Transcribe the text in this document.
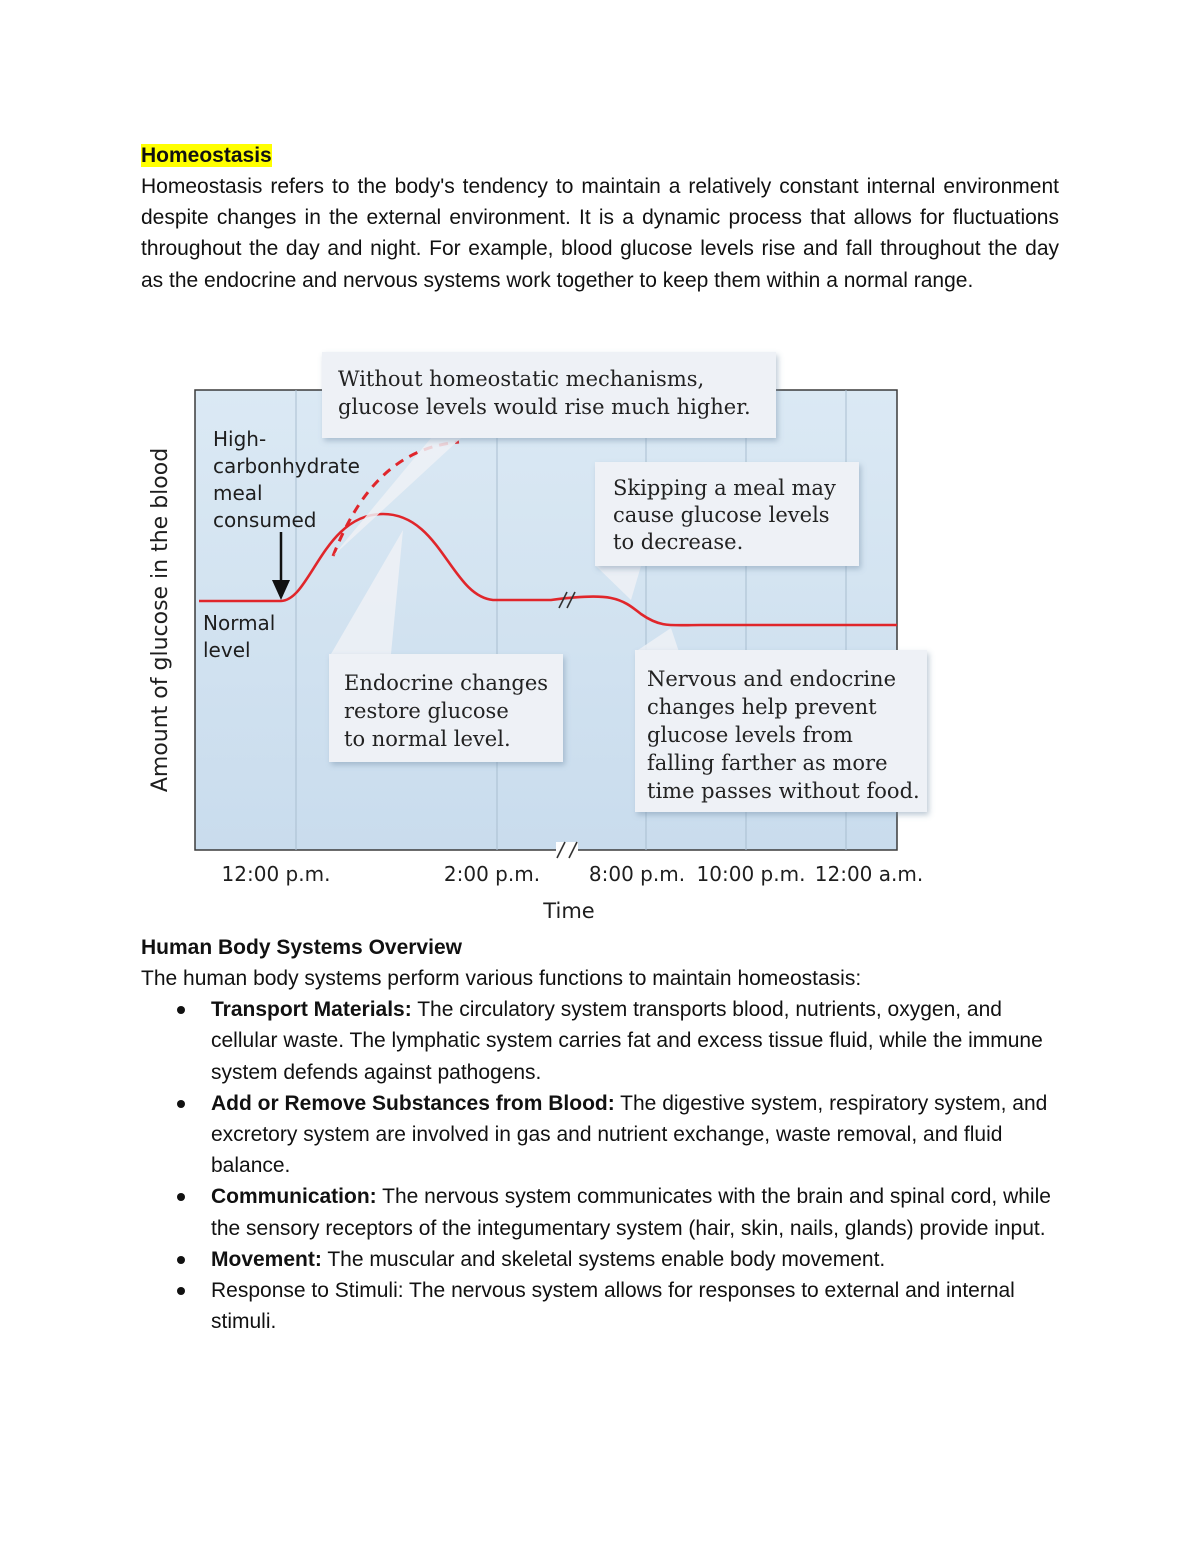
Homeostasis

Homeostasis refers to the body's tendency to maintain a relatively constant internal environment despite changes in the external environment. It is a dynamic process that allows for fluctuations throughout the day and night. For example, blood glucose levels rise and fall throughout the day as the endocrine and nervous systems work together to keep them within a normal range.

High- carbonhydrate meal consumed
Normal level
Without homeostatic mechanisms, glucose levels would rise much higher.
Skipping a meal may cause glucose levels to decrease.
Endocrine changes restore glucose to normal level.
Nervous and endocrine changes help prevent glucose levels from falling farther as more time passes without food.
Amount of glucose in the blood
12:00 p.m.	2:00 p.m. 8:00 p.m. 10:00 p.m. 12:00 a.m.
Time

Human Body Systems Overview

The human body systems perform various functions to maintain homeostasis:

Transport Materials: The circulatory system transports blood, nutrients, oxygen, and cellular waste. The lymphatic system carries fat and excess tissue fluid, while the immune system defends against pathogens.
Add or Remove Substances from Blood: The digestive system, respiratory system, and excretory system are involved in gas and nutrient exchange, waste removal, and fluid balance.
Communication: The nervous system communicates with the brain and spinal cord, while the sensory receptors of the integumentary system (hair, skin, nails, glands) provide input.
Movement: The muscular and skeletal systems enable body movement.
Response to Stimuli: The nervous system allows for responses to external and internal stimuli.
